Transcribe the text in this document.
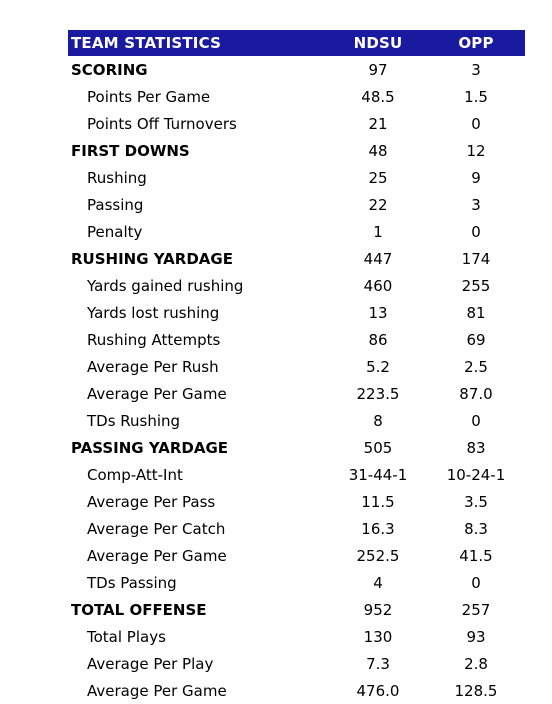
TEAM STATISTICS	NDSU	OPP
SCORING	97	3
Points Per Game	48.5	1.5
Points Off Turnovers	21	0
FIRST DOWNS	48	12
Rushing	25	9
Passing	22	3
Penalty	1	0
RUSHING YARDAGE	447	174
Yards gained rushing	460	255
Yards lost rushing	13	81
Rushing Attempts	86	69
Average Per Rush	5.2	2.5
Average Per Game	223.5	87.0
TDs Rushing	8	0
PASSING YARDAGE	505	83
Comp-Att-Int	31-44-1	10-24-1
Average Per Pass	11.5	3.5
Average Per Catch	16.3	8.3
Average Per Game	252.5	41.5
TDs Passing	4	0
TOTAL OFFENSE	952	257
Total Plays	130	93
Average Per Play	7.3	2.8
Average Per Game	476.0	128.5
